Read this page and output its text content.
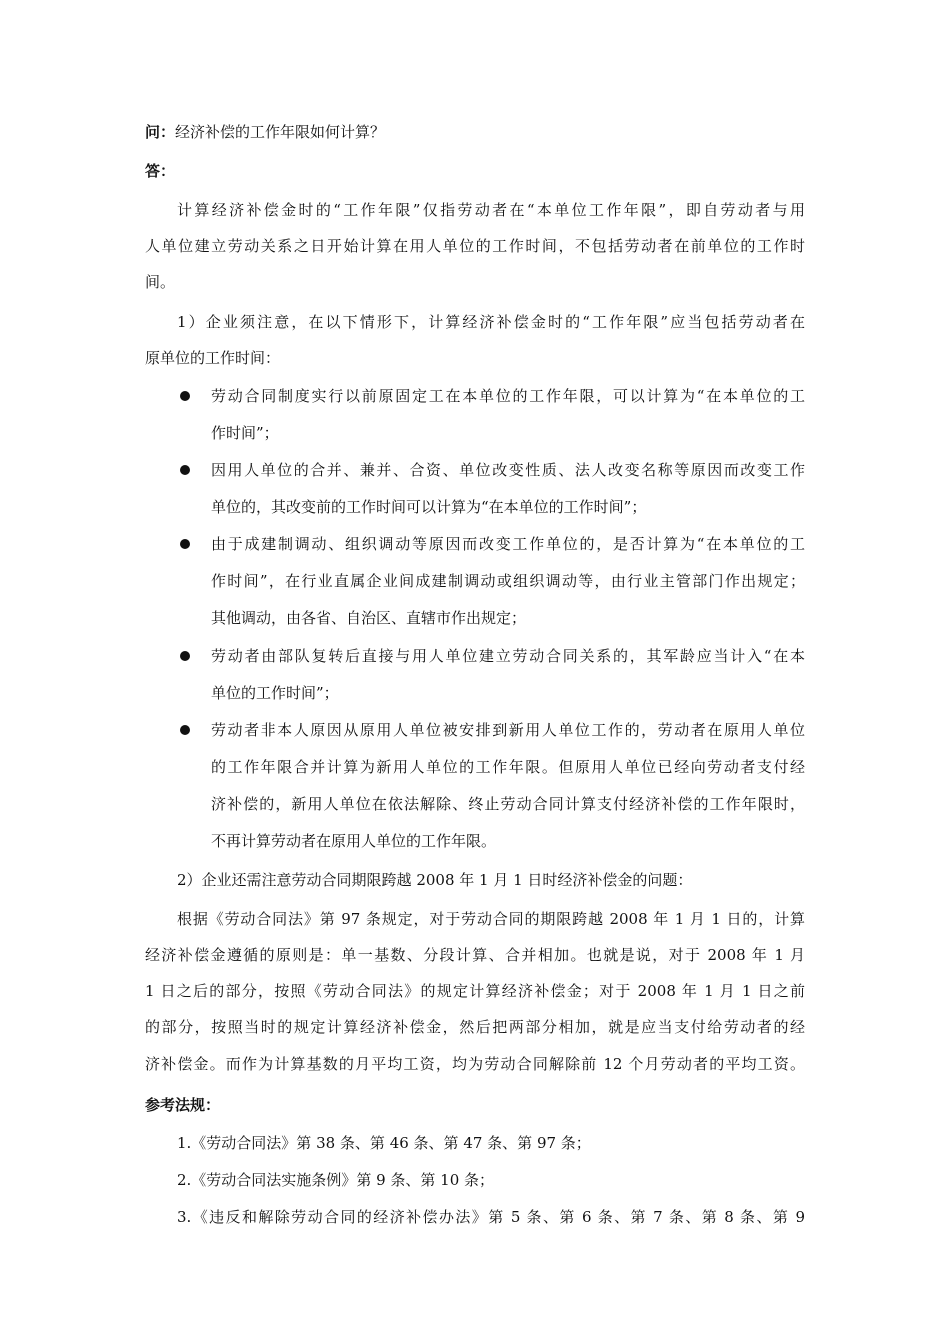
问：经济补偿的工作年限如何计算？
答：
计算经济补偿金时的“工作年限”仅指劳动者在“本单位工作年限”，即自劳动者与用
人单位建立劳动关系之日开始计算在用人单位的工作时间，不包括劳动者在前单位的工作时
间。
1）企业须注意，在以下情形下，计算经济补偿金时的“工作年限”应当包括劳动者在
原单位的工作时间：
劳动合同制度实行以前原固定工在本单位的工作年限，可以计算为“在本单位的工
作时间”；
因用人单位的合并、兼并、合资、单位改变性质、法人改变名称等原因而改变工作
单位的，其改变前的工作时间可以计算为“在本单位的工作时间”；
由于成建制调动、组织调动等原因而改变工作单位的，是否计算为“在本单位的工
作时间”，在行业直属企业间成建制调动或组织调动等，由行业主管部门作出规定；
其他调动，由各省、自治区、直辖市作出规定；
劳动者由部队复转后直接与用人单位建立劳动合同关系的，其军龄应当计入“在本
单位的工作时间”；
劳动者非本人原因从原用人单位被安排到新用人单位工作的，劳动者在原用人单位
的工作年限合并计算为新用人单位的工作年限。但原用人单位已经向劳动者支付经
济补偿的，新用人单位在依法解除、终止劳动合同计算支付经济补偿的工作年限时，
不再计算劳动者在原用人单位的工作年限。
2）企业还需注意劳动合同期限跨越 2008 年 1 月 1 日时经济补偿金的问题：
根据《劳动合同法》第 97 条规定，对于劳动合同的期限跨越 2008 年 1 月 1 日的，计算
经济补偿金遵循的原则是：单一基数、分段计算、合并相加。也就是说，对于 2008 年 1 月
1 日之后的部分，按照《劳动合同法》的规定计算经济补偿金；对于 2008 年 1 月 1 日之前
的部分，按照当时的规定计算经济补偿金，然后把两部分相加，就是应当支付给劳动者的经
济补偿金。而作为计算基数的月平均工资，均为劳动合同解除前 12 个月劳动者的平均工资。
参考法规：
1.《劳动合同法》第 38 条、第 46 条、第 47 条、第 97 条；
2.《劳动合同法实施条例》第 9 条、第 10 条；
3.《违反和解除劳动合同的经济补偿办法》第 5 条、第 6 条、第 7 条、第 8 条、第 9
